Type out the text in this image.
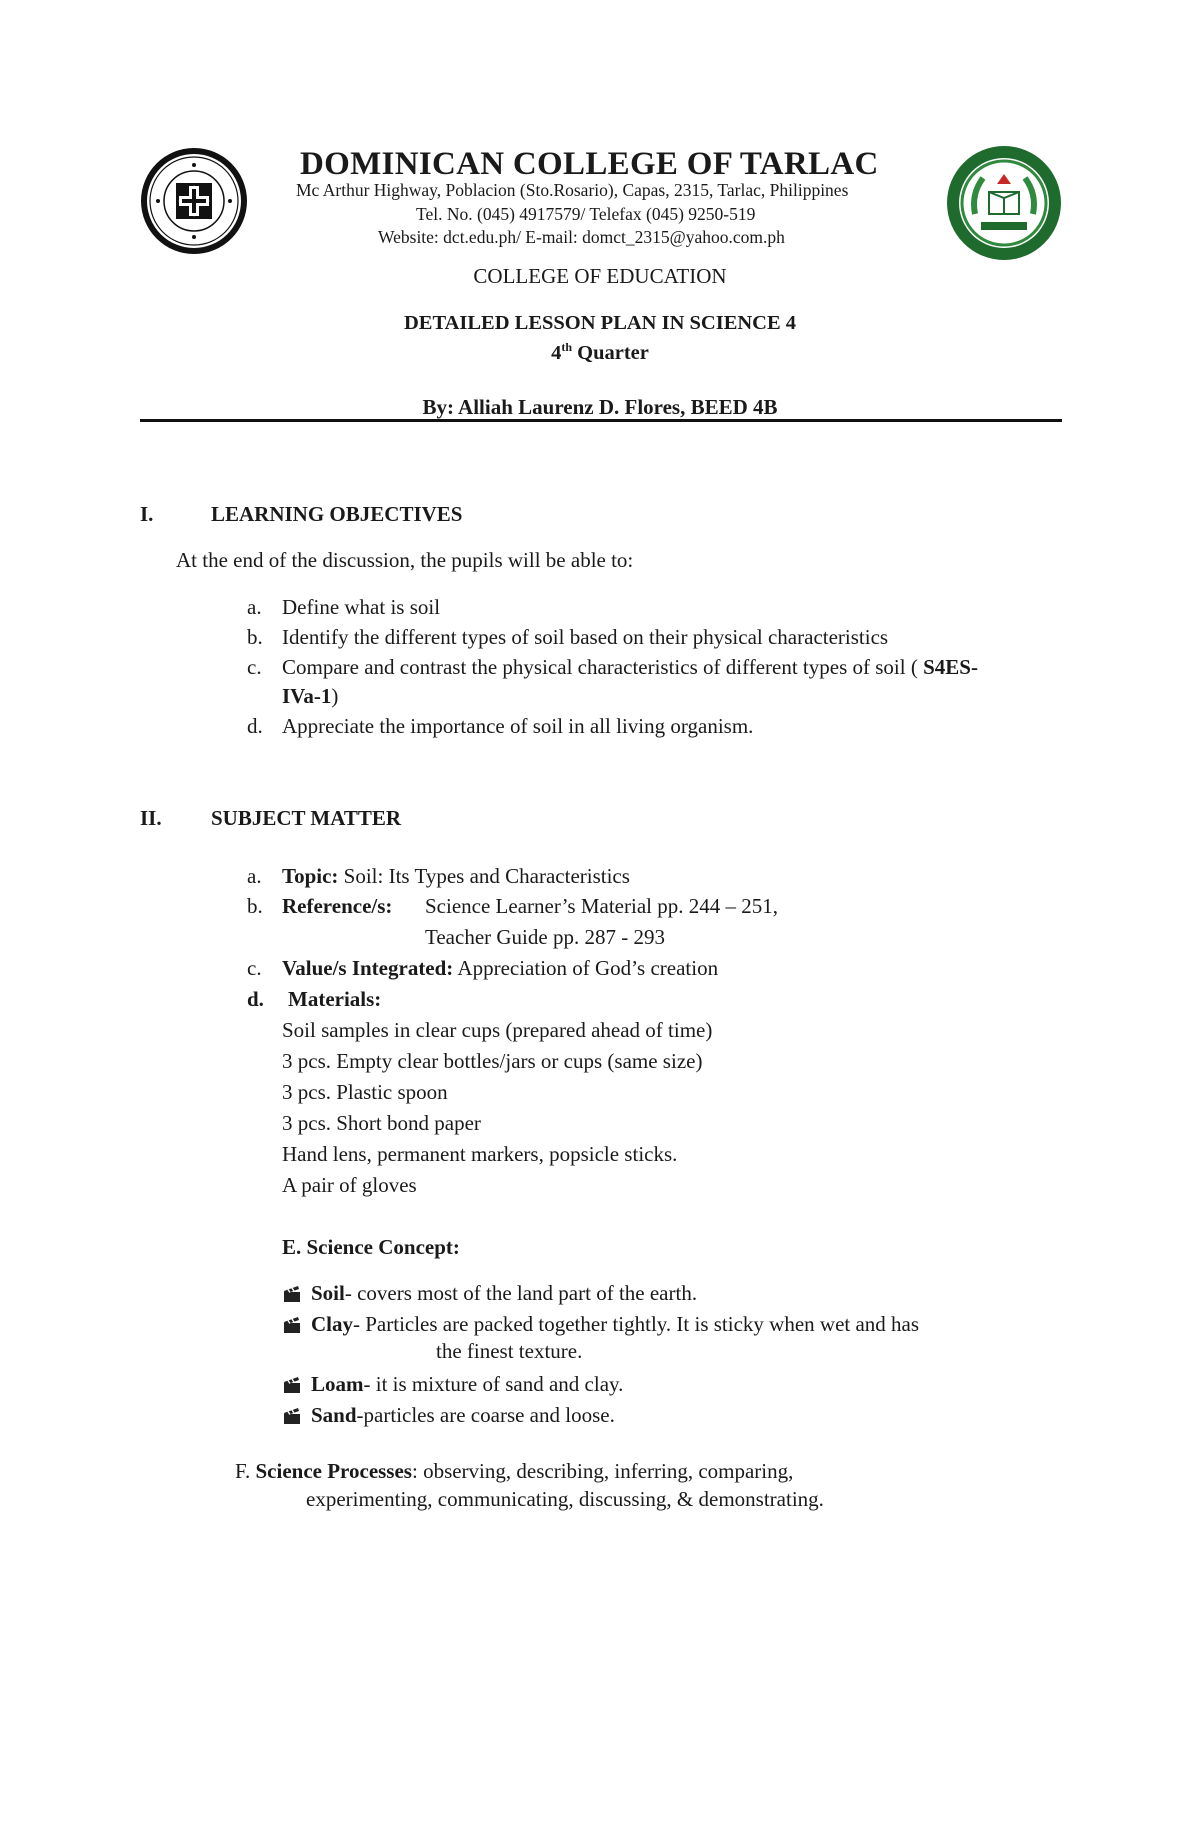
DOMINICAN COLLEGE OF TARLAC
Mc Arthur Highway, Poblacion (Sto.Rosario), Capas, 2315, Tarlac, Philippines
Tel. No. (045) 4917579/ Telefax (045) 9250-519
Website: dct.edu.ph/ E-mail: domct_2315@yahoo.com.ph
COLLEGE OF EDUCATION
DETAILED LESSON PLAN IN SCIENCE 4
4th Quarter
By: Alliah Laurenz D. Flores, BEED 4B
I.	LEARNING OBJECTIVES
At the end of the discussion, the pupils will be able to:
a. Define what is soil
b. Identify the different types of soil based on their physical characteristics
c. Compare and contrast the physical characteristics of different types of soil ( S4ES-
IVa-1)
d. Appreciate the importance of soil in all living organism.
II. SUBJECT MATTER
a. Topic: Soil: Its Types and Characteristics
b. Reference/s: Science Learner’s Material pp. 244 – 251,
Teacher Guide pp. 287 - 293
c. Value/s Integrated: Appreciation of God’s creation
d. Materials:
Soil samples in clear cups (prepared ahead of time)
3 pcs. Empty clear bottles/jars or cups (same size)
3 pcs. Plastic spoon
3 pcs. Short bond paper
Hand lens, permanent markers, popsicle sticks.
A pair of gloves
E. Science Concept:
Soil- covers most of the land part of the earth.
Clay- Particles are packed together tightly. It is sticky when wet and has
the finest texture.
Loam- it is mixture of sand and clay.
Sand-particles are coarse and loose.
F. Science Processes: observing, describing, inferring, comparing,
experimenting, communicating, discussing, & demonstrating.
